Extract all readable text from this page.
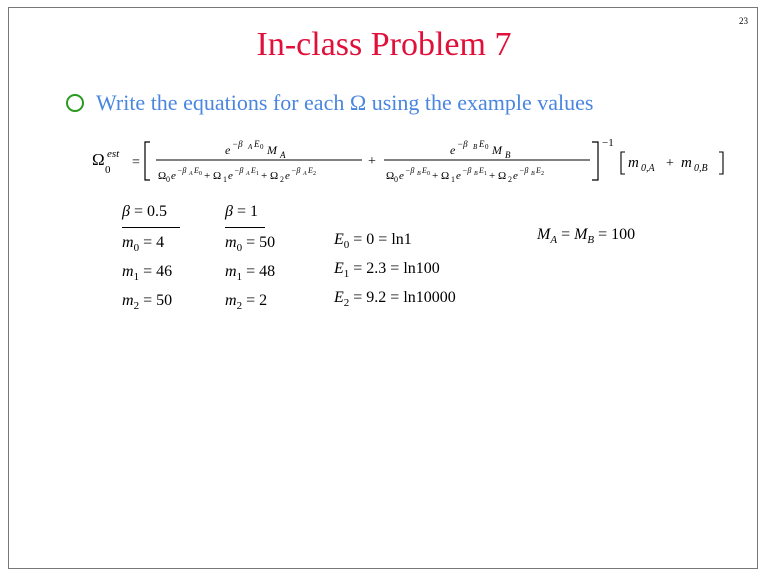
23
In-class Problem 7
Write the equations for each Ω using the example values
Ω
0
est
=
e −β A E 0 M A
Ω 0 e −β A E 0 + Ω 1 e −β A E 1 + Ω 2 e −β A E 2
+
e −β B E 0 M B
Ω 0 e −β B E 0 + Ω 1 e −β B E 1 + Ω 2 e −β B E 2
−1
m 0,A + m 0,B
β = 0.5
$m_0 = 4$
$m_1 = 46$
$m_2 = 50$
β = 1
$m_0 = 50$
$m_1 = 48$
$m_2 = 2$
$E_0 = 0 = \ln 1$
$E_1 = 2.3 = \ln 100$
$E_2 = 9.2 = \ln 10000$
$M_A = M_B = 100$
